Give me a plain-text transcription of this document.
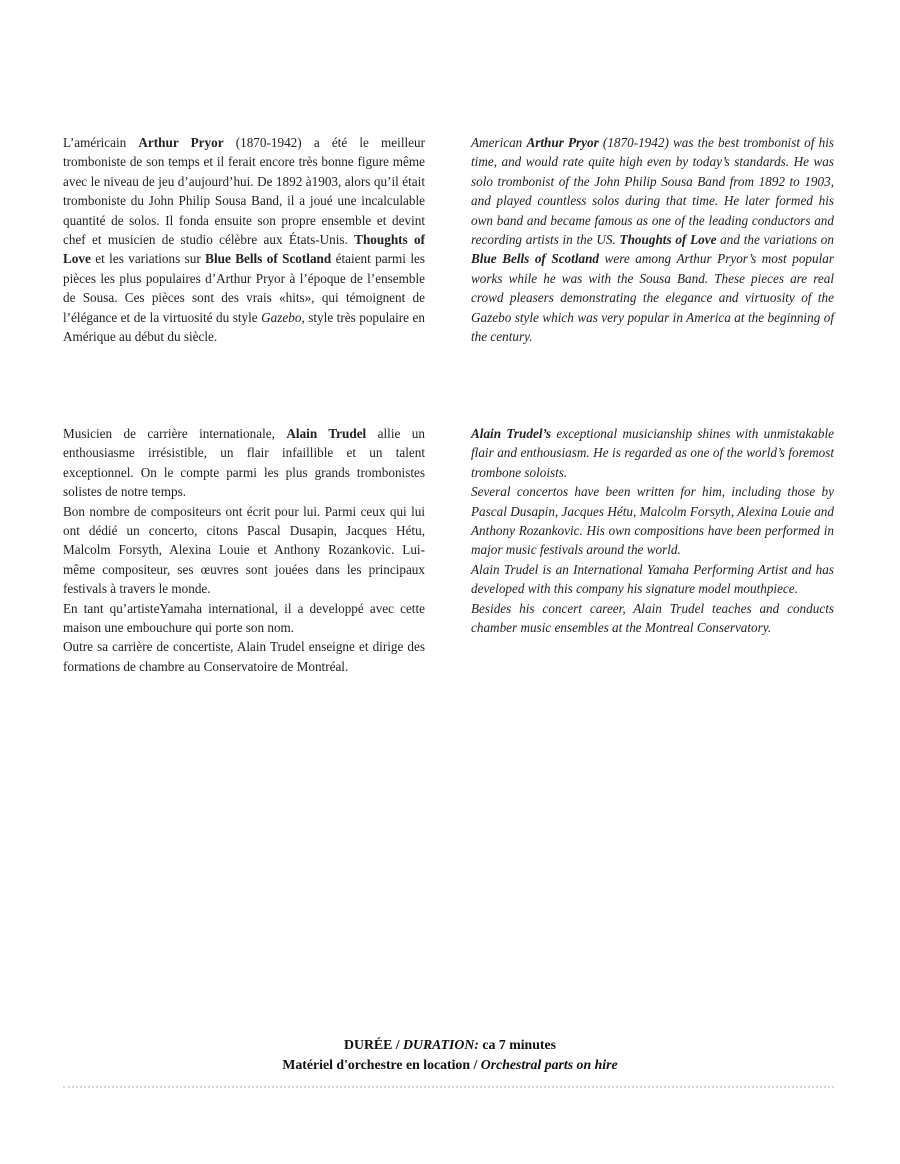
L’américain Arthur Pryor (1870-1942) a été le meilleur tromboniste de son temps et il ferait encore très bonne figure même avec le niveau de jeu d’aujourd’hui. De 1892 à1903, alors qu’il était tromboniste du John Philip Sousa Band, il a joué une incalculable quantité de solos. Il fonda ensuite son propre ensemble et devint chef et musicien de studio célèbre aux États-Unis. Thoughts of Love et les variations sur Blue Bells of Scotland étaient parmi les pièces les plus populaires d’Arthur Pryor à l’époque de l’ensemble de Sousa. Ces pièces sont des vrais «hits», qui témoignent de l’élégance et de la virtuosité du style Gazebo, style très populaire en Amérique au début du siècle.

American Arthur Pryor (1870-1942) was the best trombonist of his time, and would rate quite high even by today’s standards. He was solo trombonist of the John Philip Sousa Band from 1892 to 1903, and played countless solos during that time. He later formed his own band and became famous as one of the leading conductors and recording artists in the US. Thoughts of Love and the variations on Blue Bells of Scotland were among Arthur Pryor’s most popular works while he was with the Sousa Band. These pieces are real crowd pleasers demonstrating the elegance and virtuosity of the Gazebo style which was very popular in America at the beginning of the century.

Musicien de carrière internationale, Alain Trudel allie un enthousiasme irrésistible, un flair infaillible et un talent exceptionnel. On le compte parmi les plus grands trombonistes solistes de notre temps.

Bon nombre de compositeurs ont écrit pour lui. Parmi ceux qui lui ont dédié un concerto, citons Pascal Dusapin, Jacques Hétu, Malcolm Forsyth, Alexina Louie et Anthony Rozankovic. Lui- même compositeur, ses œuvres sont jouées dans les principaux festivals à travers le monde.

En tant qu’artisteYamaha international, il a developpé avec cette maison une embouchure qui porte son nom.

Outre sa carrière de concertiste, Alain Trudel enseigne et dirige des formations de chambre au Conservatoire de Montréal.

Alain Trudel’s exceptional musicianship shines with unmistakable flair and enthousiasm. He is regarded as one of the world’s foremost trombone soloists.

Several concertos have been written for him, including those by Pascal Dusapin, Jacques Hétu, Malcolm Forsyth, Alexina Louie and Anthony Rozankovic. His own compositions have been performed in major music festivals around the world.

Alain Trudel is an International Yamaha Performing Artist and has developed with this company his signature model mouthpiece.

Besides his concert career, Alain Trudel teaches and conducts chamber music ensembles at the Montreal Conservatory.

DURÉE / DURATION: ca 7 minutes
Matériel d'orchestre en location / Orchestral parts on hire
